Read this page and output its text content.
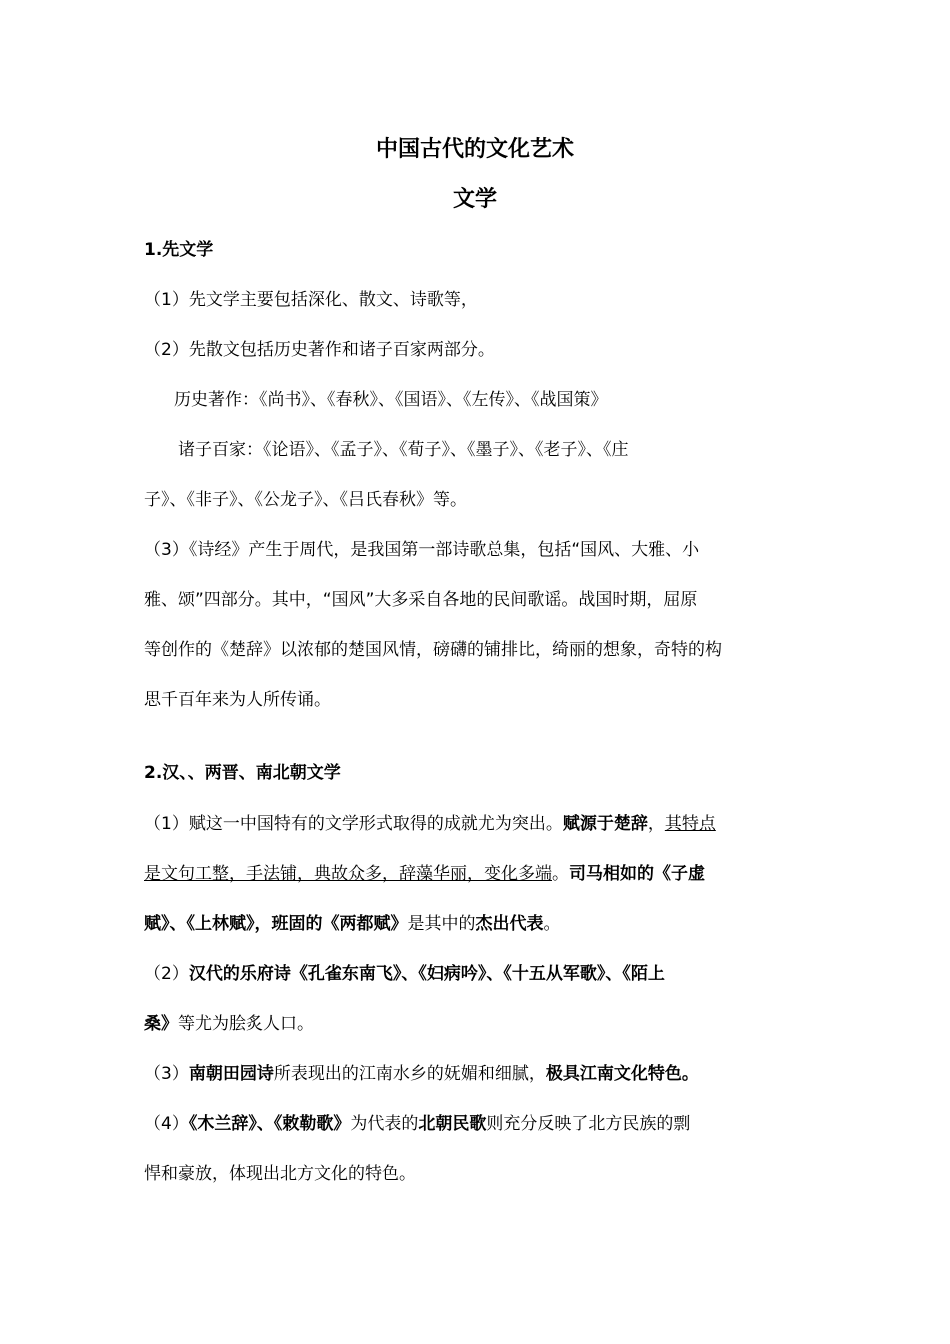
中国古代的文化艺术
文学
1.先文学
（1）先文学主要包括深化、散文、诗歌等，
（2）先散文包括历史著作和诸子百家两部分。
历史著作：《尚书》、《春秋》、《国语》、《左传》、《战国策》
诸子百家：《论语》、《孟子》、《荀子》、《墨子》、《老子》、《庄
子》、《非子》、《公龙子》、《吕氏春秋》等。
（3）《诗经》产生于周代，是我国第一部诗歌总集，包括“国风、大雅、小
雅、颂”四部分。其中，“国风”大多采自各地的民间歌谣。战国时期，屈原
等创作的《楚辞》以浓郁的楚国风情，磅礴的铺排比，绮丽的想象，奇特的构
思千百年来为人所传诵。
2.汉、、两晋、南北朝文学
（1）赋这一中国特有的文学形式取得的成就尤为突出。赋源于楚辞，其特点
是文句工整，手法铺，典故众多，辞藻华丽，变化多端。司马相如的《子虚
赋》、《上林赋》，班固的《两都赋》是其中的杰出代表。
（2）汉代的乐府诗《孔雀东南飞》、《妇病吟》、《十五从军歌》、《陌上
桑》等尤为脍炙人口。
（3）南朝田园诗所表现出的江南水乡的妩媚和细腻，极具江南文化特色。
（4）《木兰辞》、《敕勒歌》为代表的北朝民歌则充分反映了北方民族的剽
悍和豪放，体现出北方文化的特色。
